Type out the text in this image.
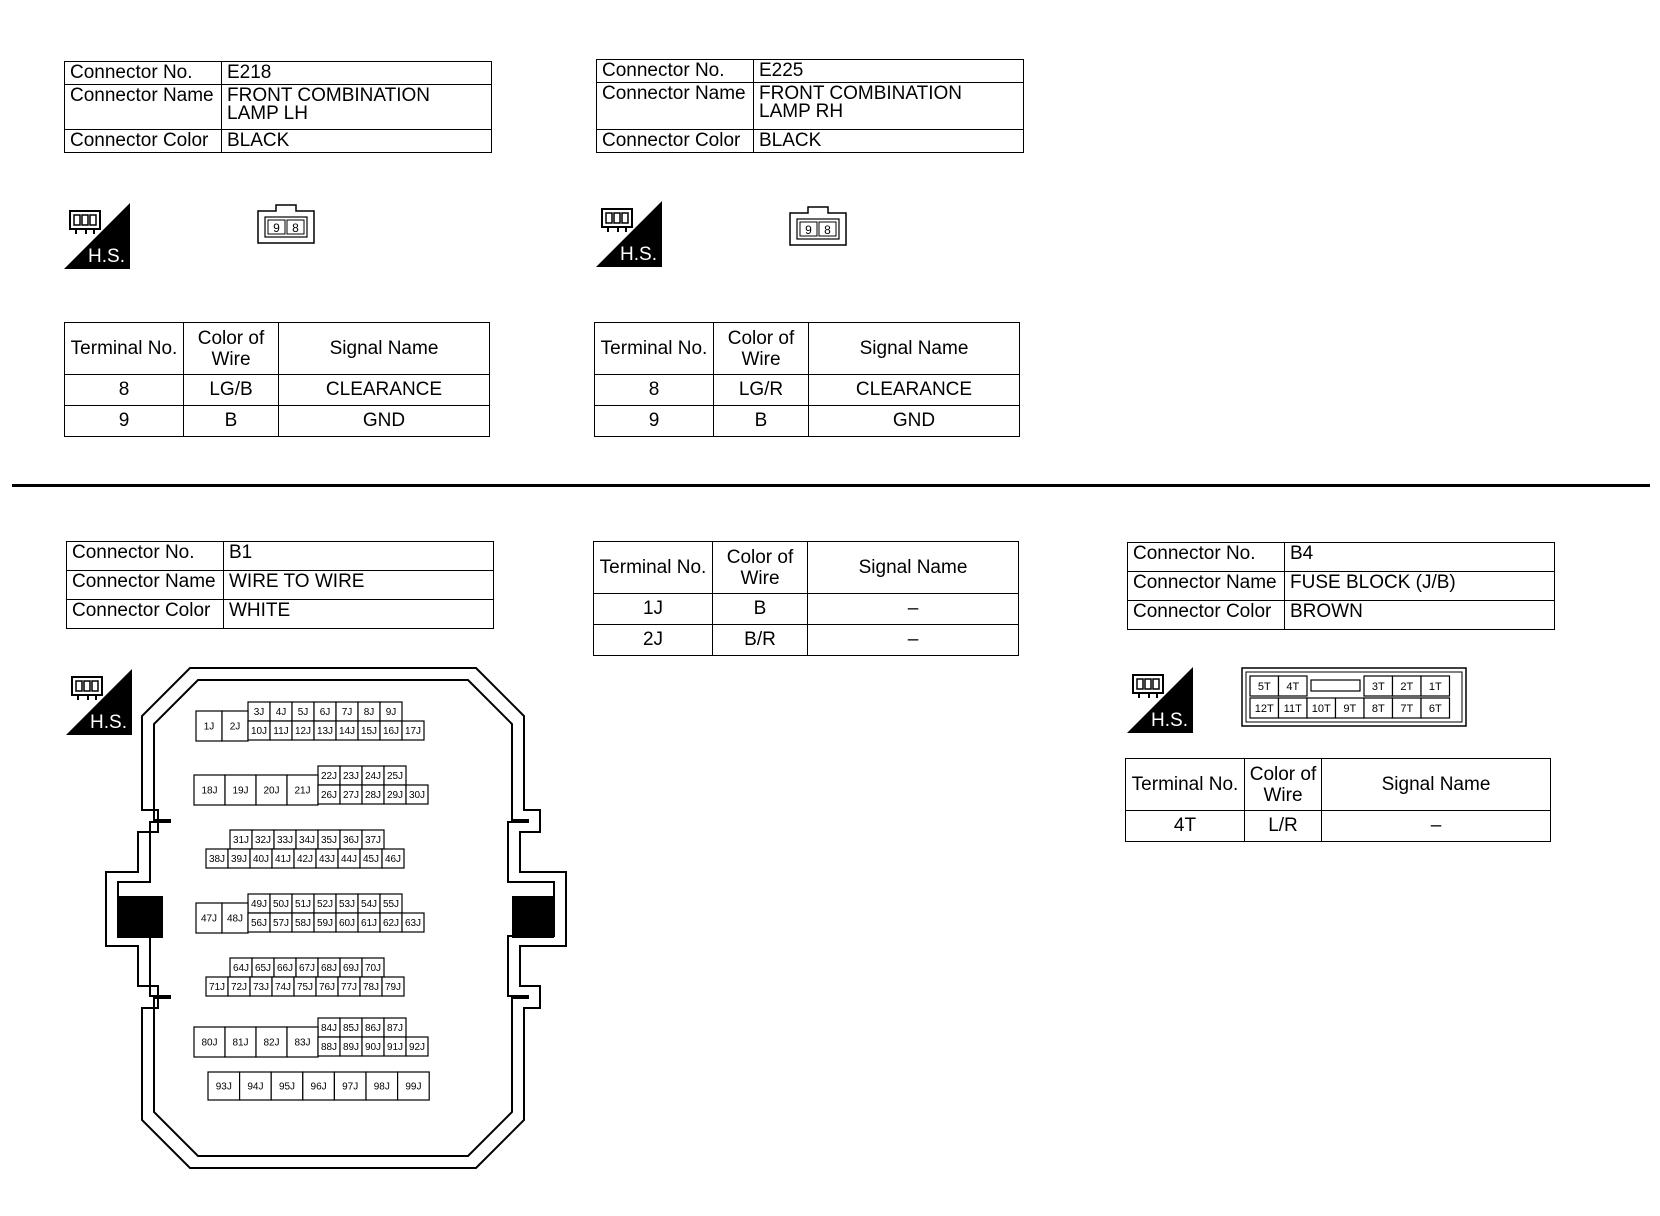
Connector No.	E218
Connector Name	FRONT COMBINATION
LAMP LH

Connector Color	BLACK
H.S.
9 8
Terminal No.	Color of
Wire	Signal Name
8	LG/B	CLEARANCE
9	B	GND
Connector No.	E225
Connector Name	FRONT COMBINATION
LAMP RH

Connector Color	BLACK
H.S.
9 8
Terminal No.	Color of
Wire	Signal Name
8	LG/R	CLEARANCE
9	B	GND
Connector No.	B1
Connector Name	WIRE TO WIRE
Connector Color	WHITE
H.S.	3J 4J 5J 6J 7J 8J 9J
1J 2J 10J 11J 12J 13J 14J 15J 16J 17J
22J 23J 24J 25J
18J 19J 20J 21J 26J 27J 28J 29J 30J
31J 32J 33J 34J 35J 36J 37J
38J 39J 40J 41J 42J 43J 44J 45J 46J
49J 50J 51J 52J 53J 54J 55J
47J 48J 56J 57J 58J 59J 60J 61J 62J 63J
64J 65J 66J 67J 68J 69J 70J
71J 72J 73J 74J 75J 76J 77J 78J 79J
84J 85J 86J 87J
80J 81J 82J 83J 88J 89J 90J 91J 92J
93J 94J 95J 96J 97J 98J 99J
Terminal No.	Color of
Wire	Signal Name
1J	B	–
2J	B/R	–
Connector No.	B4
Connector Name	FUSE BLOCK (J/B)
Connector Color	BROWN
H.S.
5T 4T	3T 2T 1T
12T 11T 10T 9T 8T 7T 6T
Terminal No.	Color of
Wire	Signal Name
4T	L/R	–
